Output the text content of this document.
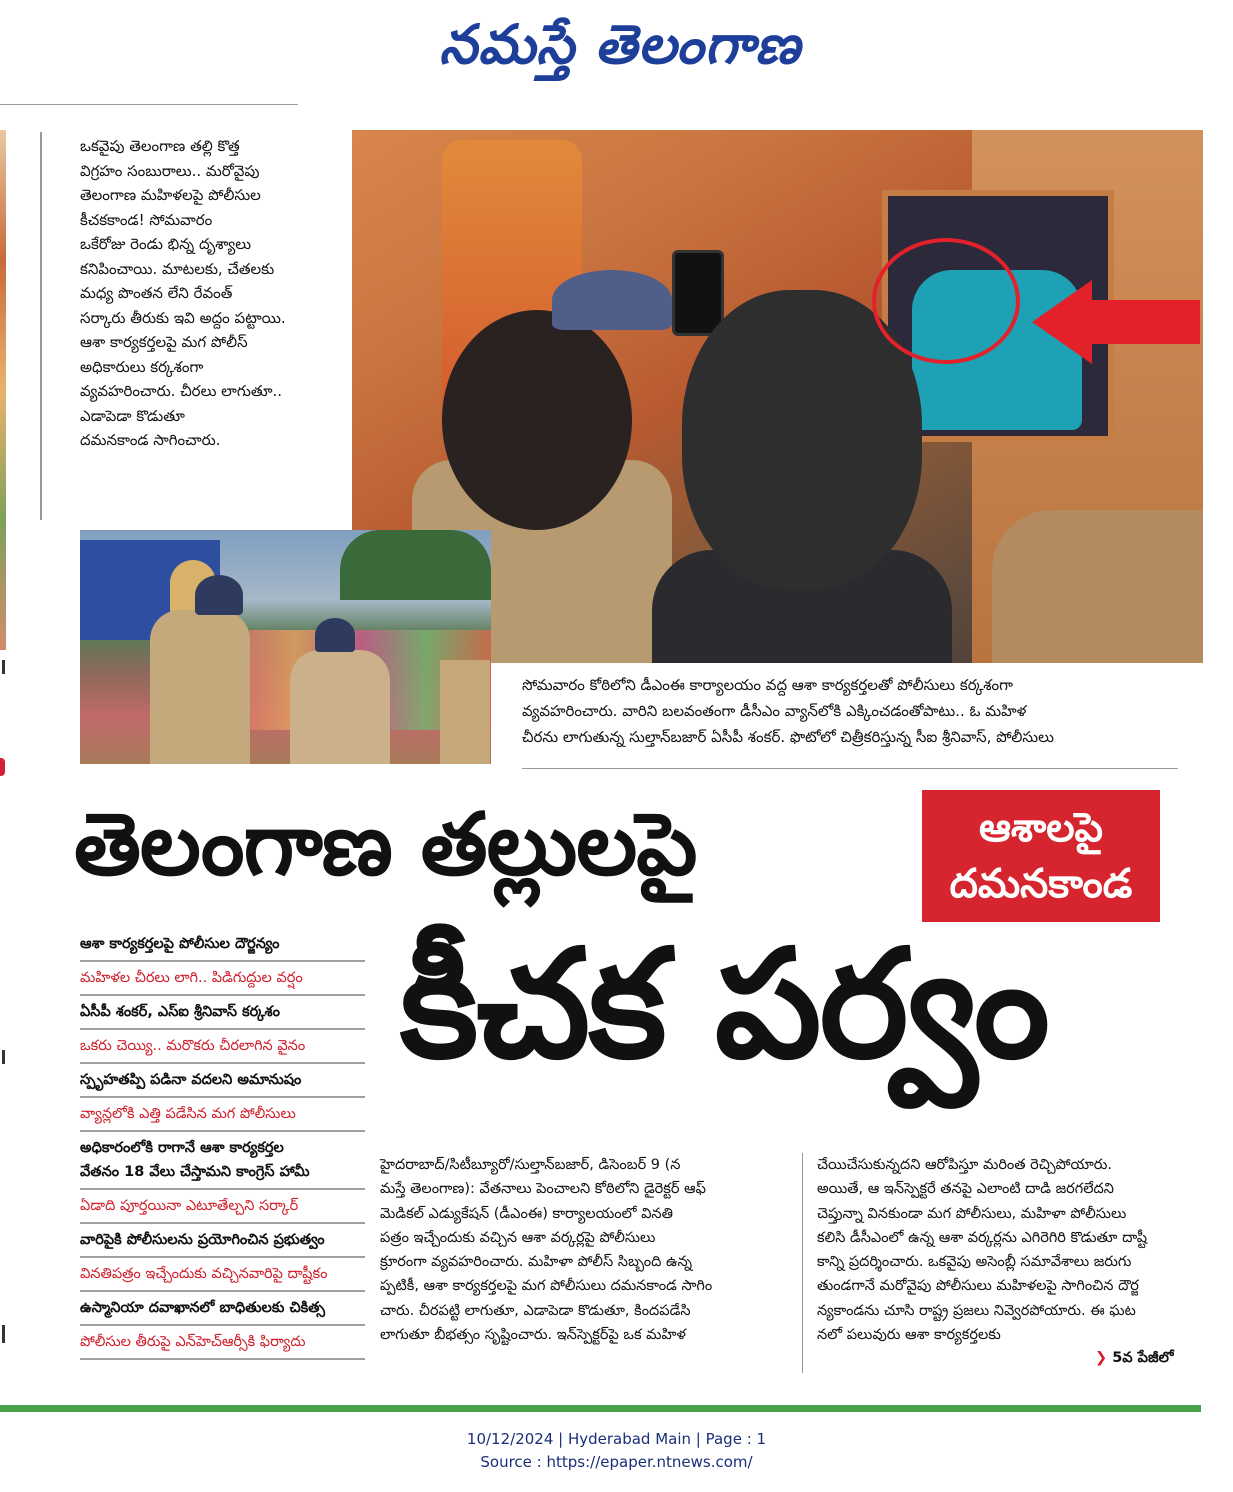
నమస్తే తెలంగాణ
ఒకవైపు తెలంగాణ తల్లి కొత్త
విగ్రహం సంబురాలు.. మరోవైపు
తెలంగాణ మహిళలపై పోలీసుల
కీచకకాండ! సోమవారం
ఒకేరోజు రెండు భిన్న దృశ్యాలు
కనిపించాయి. మాటలకు, చేతలకు
మధ్య పొంతన లేని రేవంత్
సర్కారు తీరుకు ఇవి అద్దం పట్టాయి.
ఆశా కార్యకర్తలపై మగ పోలీస్
అధికారులు కర్కశంగా
వ్యవహరించారు. చీరలు లాగుతూ..
ఎడాపెడా కొడుతూ
దమనకాండ సాగించారు.
సోమవారం కోఠిలోని డీఎంఈ కార్యాలయం వద్ద ఆశా కార్యకర్తలతో పోలీసులు కర్కశంగా
వ్యవహరించారు. వారిని బలవంతంగా డీసీఎం వ్యాన్‌లోకి ఎక్కించడంతోపాటు.. ఓ మహిళ
చీరను లాగుతున్న సుల్తాన్‌బజార్ ఏసీపీ శంకర్. ఫొటోలో చిత్రీకరిస్తున్న సీఐ శ్రీనివాస్, పోలీసులు
తెలంగాణ తల్లులపై	ఆశాలపై
దమనకాండ
కీచక పర్వం
ఆశా కార్యకర్తలపై పోలీసుల దౌర్జన్యం
మహిళల చీరలు లాగి.. పిడిగుద్దుల వర్షం
ఏసీపీ శంకర్, ఎస్‌ఐ శ్రీనివాస్ కర్కశం
ఒకరు చెయ్యి.. మరొకరు చీరలాగిన వైనం
స్పృహతప్పి పడినా వదలని అమానుషం
వ్యాన్లలోకి ఎత్తి పడేసిన మగ పోలీసులు
అధికారంలోకి రాగానే ఆశా కార్యకర్తల
వేతనం 18 వేలు చేస్తామని కాంగ్రెస్ హామీ
ఏడాది పూర్తయినా ఎటూతేల్చని సర్కార్
వారిపైకి పోలీసులను ప్రయోగించిన ప్రభుత్వం
వినతిపత్రం ఇచ్చేందుకు వచ్చినవారిపై దాష్టీకం
ఉస్మానియా దవాఖానలో బాధితులకు చికిత్స
పోలీసుల తీరుపై ఎన్‌హెచ్‌ఆర్సీకి ఫిర్యాదు
హైదరాబాద్/సిటీబ్యూరో/సుల్తాన్‌బజార్, డిసెంబర్ 9 (న
మస్తే తెలంగాణ): వేతనాలు పెంచాలని కోఠిలోని డైరెక్టర్ ఆఫ్
మెడికల్ ఎడ్యుకేషన్ (డీఎంఈ) కార్యాలయంలో వినతి
పత్రం ఇచ్చేందుకు వచ్చిన ఆశా వర్కర్లపై పోలీసులు
క్రూరంగా వ్యవహరించారు. మహిళా పోలీస్ సిబ్బంది ఉన్న
ప్పటికీ, ఆశా కార్యకర్తలపై మగ పోలీసులు దమనకాండ సాగిం
చారు. చీరపట్టి లాగుతూ, ఎడాపెడా కొడుతూ, కిందపడేసి
లాగుతూ బీభత్సం సృష్టించారు. ఇన్‌స్పెక్టర్‌పై ఒక మహిళ
చేయిచేసుకున్నదని ఆరోపిస్తూ మరింత రెచ్చిపోయారు.
అయితే, ఆ ఇన్‌స్పెక్టరే తనపై ఎలాంటి దాడి జరగలేదని
చెప్తున్నా వినకుండా మగ పోలీసులు, మహిళా పోలీసులు
కలిసి డీసీఎంలో ఉన్న ఆశా వర్కర్లను ఎగిరెగిరి కొడుతూ దాష్టీ
కాన్ని ప్రదర్శించారు. ఒకవైపు అసెంబ్లీ సమావేశాలు జరుగు
తుండగానే మరోవైపు పోలీసులు మహిళలపై సాగించిన దౌర్జ
న్యకాండను చూసి రాష్ట్ర ప్రజలు నివ్వెరపోయారు. ఈ ఘట
నలో పలువురు ఆశా కార్యకర్తలకు
❯ 5వ పేజీలో
10/12/2024 | Hyderabad Main | Page : 1
Source : https://epaper.ntnews.com/
